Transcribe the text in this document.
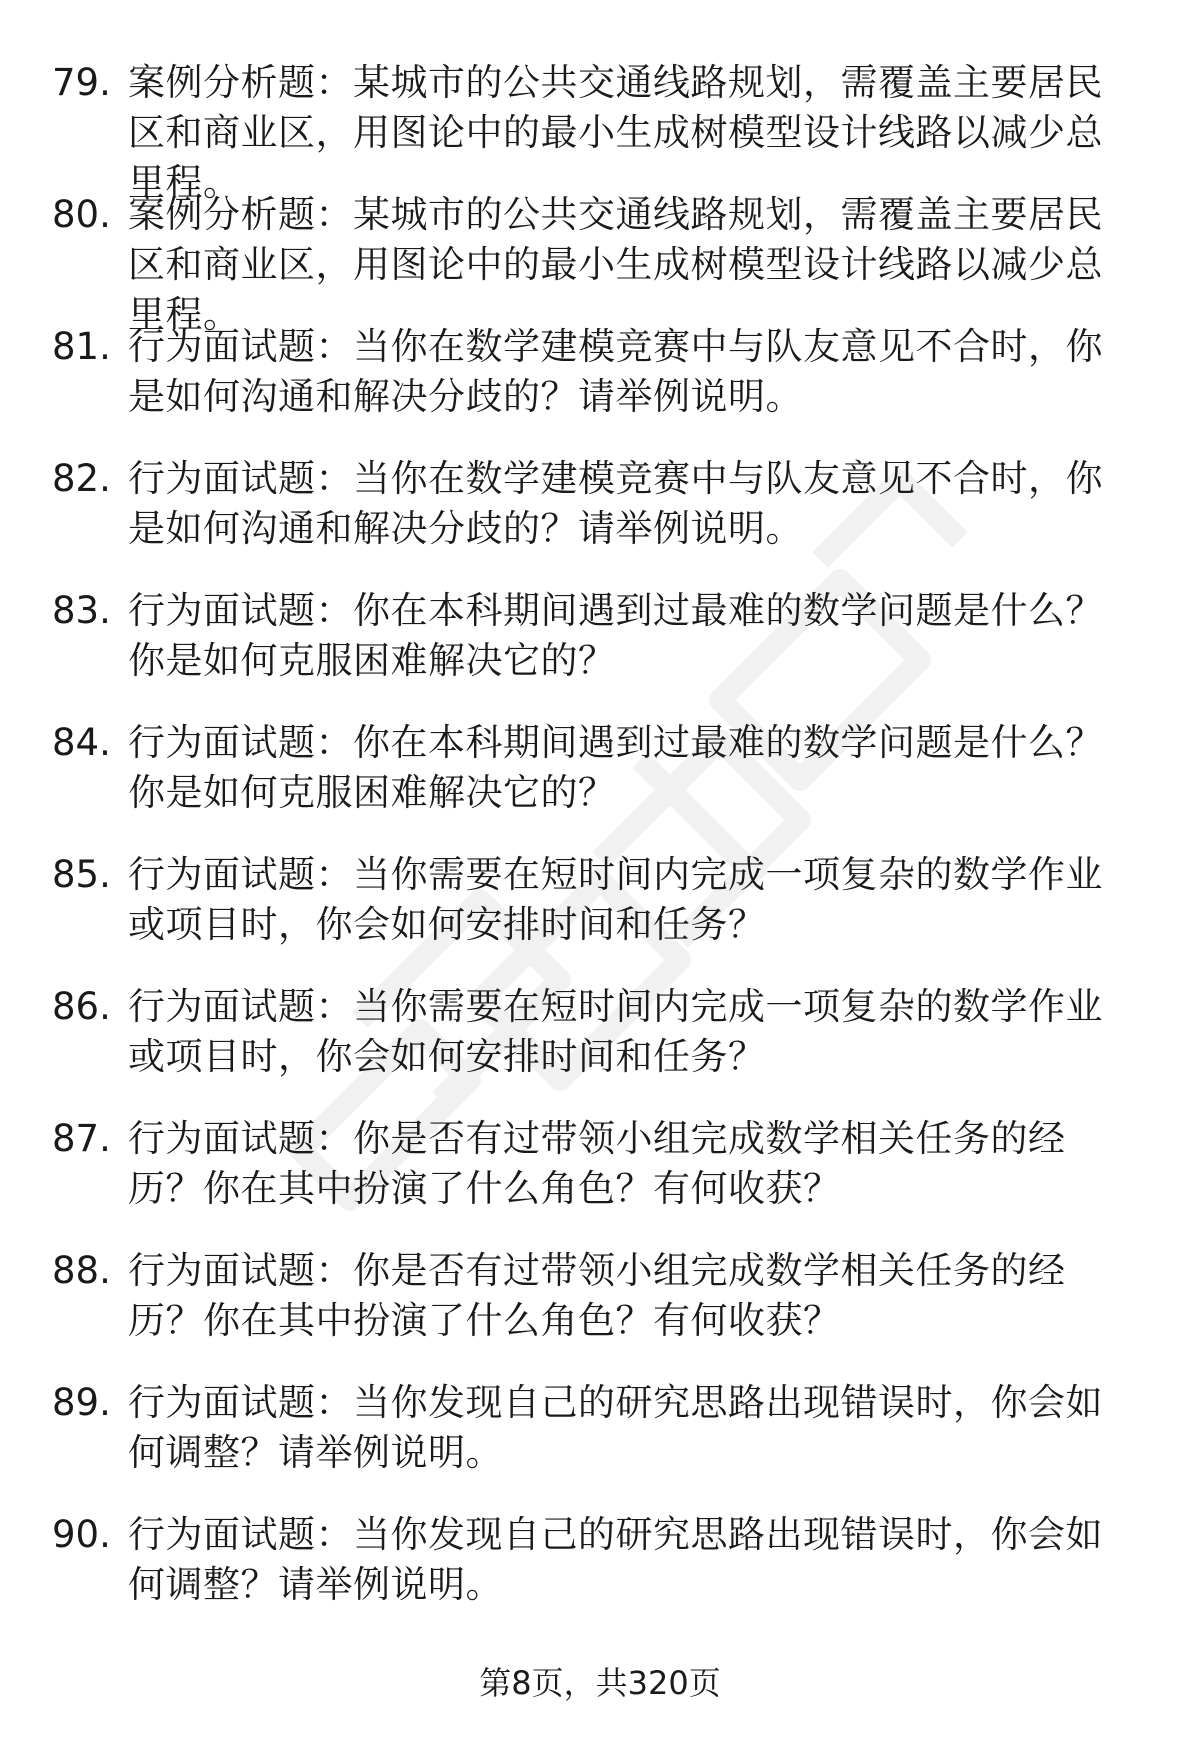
79. 案例分析题：某城市的公共交通线路规划，需覆盖主要居民区和商业区，用图论中的最小生成树模型设计线路以减少总里程。
80. 案例分析题：某城市的公共交通线路规划，需覆盖主要居民区和商业区，用图论中的最小生成树模型设计线路以减少总里程。
81. 行为面试题：当你在数学建模竞赛中与队友意见不合时，你是如何沟通和解决分歧的？请举例说明。
82. 行为面试题：当你在数学建模竞赛中与队友意见不合时，你是如何沟通和解决分歧的？请举例说明。
83. 行为面试题：你在本科期间遇到过最难的数学问题是什么？你是如何克服困难解决它的？
84. 行为面试题：你在本科期间遇到过最难的数学问题是什么？你是如何克服困难解决它的？
85. 行为面试题：当你需要在短时间内完成一项复杂的数学作业或项目时，你会如何安排时间和任务？
86. 行为面试题：当你需要在短时间内完成一项复杂的数学作业或项目时，你会如何安排时间和任务？
87. 行为面试题：你是否有过带领小组完成数学相关任务的经历？你在其中扮演了什么角色？有何收获？
88. 行为面试题：你是否有过带领小组完成数学相关任务的经历？你在其中扮演了什么角色？有何收获？
89. 行为面试题：当你发现自己的研究思路出现错误时，你会如何调整？请举例说明。
90. 行为面试题：当你发现自己的研究思路出现错误时，你会如何调整？请举例说明。
第8页，共320页
